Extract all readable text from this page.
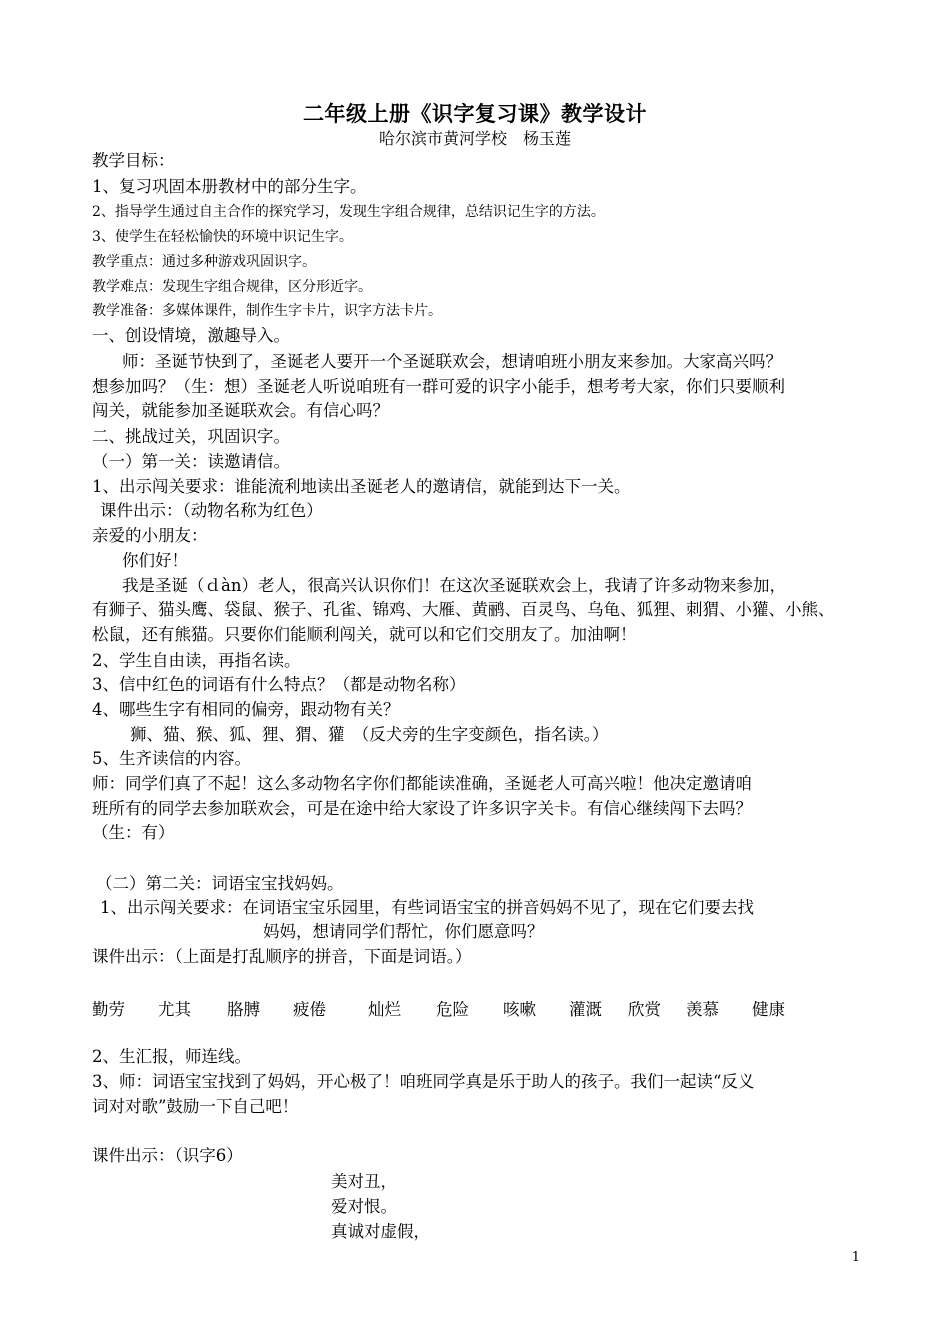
二年级上册《识字复习课》教学设计
哈尔滨市黄河学校　杨玉莲
教学目标：
1、复习巩固本册教材中的部分生字。
2、指导学生通过自主合作的探究学习，发现生字组合规律，总结识记生字的方法。
3、使学生在轻松愉快的环境中识记生字。
教学重点：通过多种游戏巩固识字。
教学难点：发现生字组合规律，区分形近字。
教学准备：多媒体课件，制作生字卡片，识字方法卡片。
一、创设情境，激趣导入。
师：圣诞节快到了，圣诞老人要开一个圣诞联欢会，想请咱班小朋友来参加。大家高兴吗？
想参加吗？（生：想）圣诞老人听说咱班有一群可爱的识字小能手，想考考大家，你们只要顺利
闯关，就能参加圣诞联欢会。有信心吗？
二、挑战过关，巩固识字。
（一）第一关：读邀请信。
1、出示闯关要求：谁能流利地读出圣诞老人的邀请信，就能到达下一关。
课件出示：（动物名称为红色）
亲爱的小朋友：
你们好！
我是圣诞（ｄàn）老人，很高兴认识你们！在这次圣诞联欢会上，我请了许多动物来参加，
有狮子、猫头鹰、袋鼠、猴子、孔雀、锦鸡、大雁、黄鹂、百灵鸟、乌龟、狐狸、刺猬、小獾、小熊、
松鼠，还有熊猫。只要你们能顺利闯关，就可以和它们交朋友了。加油啊！
2、学生自由读，再指名读。
3、信中红色的词语有什么特点？（都是动物名称）
4、哪些生字有相同的偏旁，跟动物有关？
狮、猫、猴、狐、狸、猬、獾　（反犬旁的生字变颜色，指名读。）
5、生齐读信的内容。
师：同学们真了不起！这么多动物名字你们都能读准确，圣诞老人可高兴啦！他决定邀请咱
班所有的同学去参加联欢会，可是在途中给大家设了许多识字关卡。有信心继续闯下去吗？
（生：有）
（二）第二关：词语宝宝找妈妈。
1、出示闯关要求：在词语宝宝乐园里，有些词语宝宝的拼音妈妈不见了，现在它们要去找
妈妈，想请同学们帮忙，你们愿意吗？
课件出示：（上面是打乱顺序的拼音，下面是词语。）
勤劳 尤其 胳膊 疲倦	灿烂 危险 咳嗽 灌溉 欣赏 羡慕 健康
2、生汇报，师连线。
3、师：词语宝宝找到了妈妈，开心极了！咱班同学真是乐于助人的孩子。我们一起读“反义
词对对歌”鼓励一下自己吧！
课件出示：（识字6）
美对丑，
爱对恨。
真诚对虚假，
1
